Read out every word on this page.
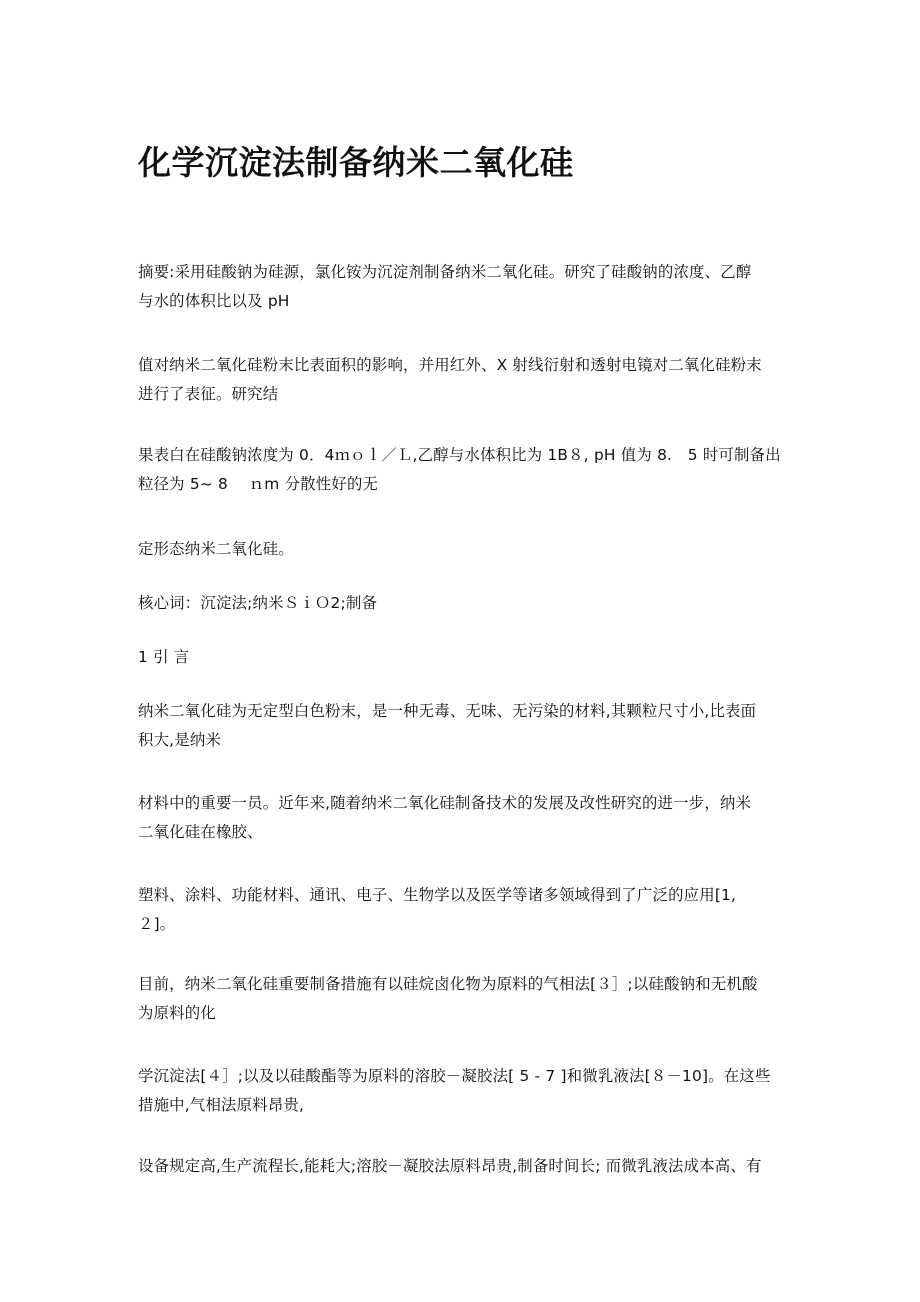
化学沉淀法制备纳米二氧化硅

摘要:采用硅酸钠为硅源，氯化铵为沉淀剂制备纳米二氧化硅。研究了硅酸钠的浓度、乙醇
与水的体积比以及 pH

值对纳米二氧化硅粉末比表面积的影响，并用红外、X 射线衍射和透射电镜对二氧化硅粉末
进行了表征。研究结

果表白在硅酸钠浓度为 0．4ｍｏｌ／Ｌ,乙醇与水体积比为 1B８, pH 值为 8.　5 时可制备出
粒径为 5~ 8　 ｎm 分散性好的无

定形态纳米二氧化硅。

核心词：沉淀法;纳米ＳｉＯ2;制备

1 引 言

纳米二氧化硅为无定型白色粉末，是一种无毒、无味、无污染的材料,其颗粒尺寸小,比表面
积大,是纳米

材料中的重要一员。近年来,随着纳米二氧化硅制备技术的发展及改性研究的进一步，纳米
二氧化硅在橡胶、

塑料、涂料、功能材料、通讯、电子、生物学以及医学等诸多领域得到了广泛的应用[1,
２]。

目前，纳米二氧化硅重要制备措施有以硅烷卤化物为原料的气相法[３］;以硅酸钠和无机酸
为原料的化

学沉淀法[４］;以及以硅酸酯等为原料的溶胶－凝胶法[ 5 - 7 ]和微乳液法[８－10]。在这些
措施中,气相法原料昂贵,

设备规定高,生产流程长,能耗大;溶胶－凝胶法原料昂贵,制备时间长; 而微乳液法成本高、有
